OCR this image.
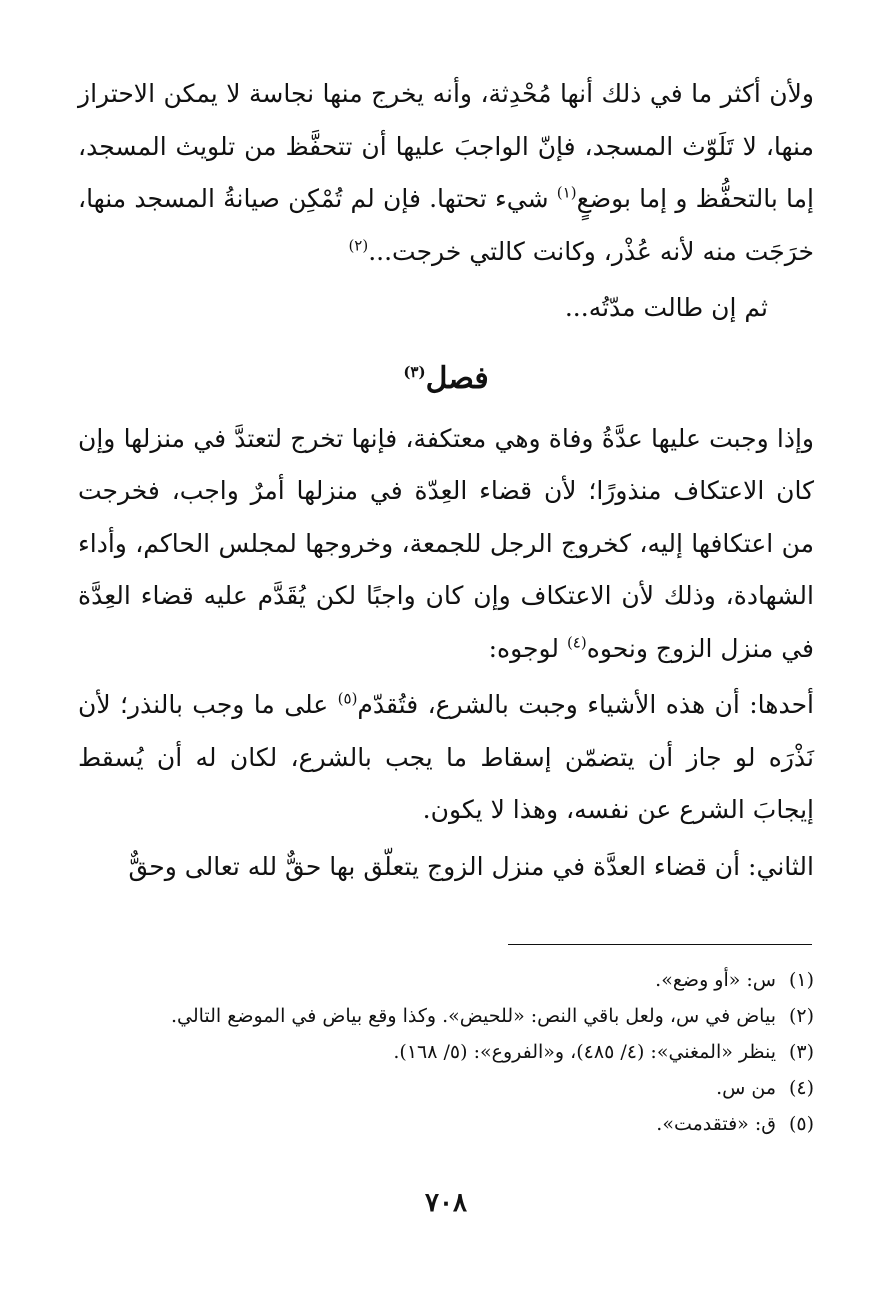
ولأن أكثر ما في ذلك أنها مُحْدِثة، وأنه يخرج منها نجاسة لا يمكن الاحتراز منها، لا تَلَوّث المسجد، فإنّ الواجبَ عليها أن تتحفَّظ من تلويث المسجد، إما بالتحفُّظ و إما بوضعٍ$^{(١)}$ شيء تحتها. فإن لم تُمْكِن صيانةُ المسجد منها، خرَجَت منه لأنه عُذْر، وكانت كالتي خرجت...$^{(٢)}$

ثم إن طالت مدّتُه...

فصل$^{(٣)}$

وإذا وجبت عليها عدَّةُ وفاة وهي معتكفة، فإنها تخرج لتعتدَّ في منزلها وإن كان الاعتكاف منذورًا؛ لأن قضاء العِدّة في منزلها أمرٌ واجب، فخرجت من اعتكافها إليه، كخروج الرجل للجمعة، وخروجها لمجلس الحاكم، وأداء الشهادة، وذلك لأن الاعتكاف وإن كان واجبًا لكن يُقَدَّم عليه قضاء العِدَّة في منزل الزوج ونحوه$^{(٤)}$ لوجوه:

أحدها: أن هذه الأشياء وجبت بالشرع، فتُقدّم$^{(٥)}$ على ما وجب بالنذر؛ لأن نَذْرَه لو جاز أن يتضمّن إسقاط ما يجب بالشرع، لكان له أن يُسقط إيجابَ الشرع عن نفسه، وهذا لا يكون.

الثاني: أن قضاء العدَّة في منزل الزوج يتعلّق بها حقٌّ لله تعالى وحقٌّ

(١)
س: «أو وضع».
(٢)
بياض في س، ولعل باقي النص: «للحيض». وكذا وقع بياض في الموضع التالي.
(٣)
ينظر «المغني»: (٤/ ٤٨٥)، و«الفروع»: (٥/ ١٦٨).
(٤)
من س.
(٥)
ق: «فتقدمت».
٧٠٨
